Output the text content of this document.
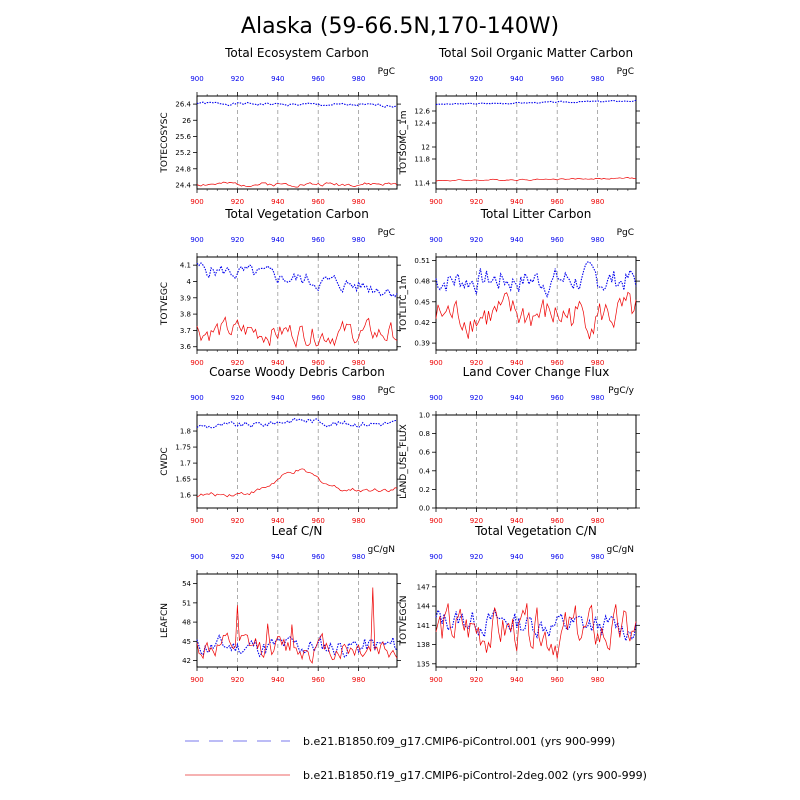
Alaska (59-66.5N,170-140W)
Total Ecosystem Carbon
PgC
900
900
920
920
940
940
960
960
980
980
24.4
24.8
25.2
25.6
26
26.4
TOTECOSYSC
Total Soil Organic Matter Carbon
PgC
900
900
920
920
940
940
960
960
980
980
11.4
11.8
12
12.4
12.6
TOTSOMC_1m
Total Vegetation Carbon
PgC
900
900
920
920
940
940
960
960
980
980
3.6
3.7
3.8
3.9
4
4.1
TOTVEGC
Total Litter Carbon
PgC
900
900
920
920
940
940
960
960
980
980
0.39
0.42
0.45
0.48
0.51
TOTLITC_1m
Coarse Woody Debris Carbon
PgC
900
900
920
920
940
940
960
960
980
980
1.6
1.65
1.7
1.75
1.8
CWDC
Land Cover Change Flux
PgC/y
900
900
920
920
940
940
960
960
980
980
0.0
0.2
0.4
0.6
0.8
1.0
LAND_USE_FLUX
Leaf C/N
gC/gN
900
900
920
920
940
940
960
960
980
980
42
45
48
51
54
LEAFCN
Total Vegetation C/N
gC/gN
900
900
920
920
940
940
960
960
980
980
135
138
141
144
147
TOTVEGCN
b.e21.B1850.f09_g17.CMIP6-piControl.001 (yrs 900-999)
b.e21.B1850.f19_g17.CMIP6-piControl-2deg.002 (yrs 900-999)
